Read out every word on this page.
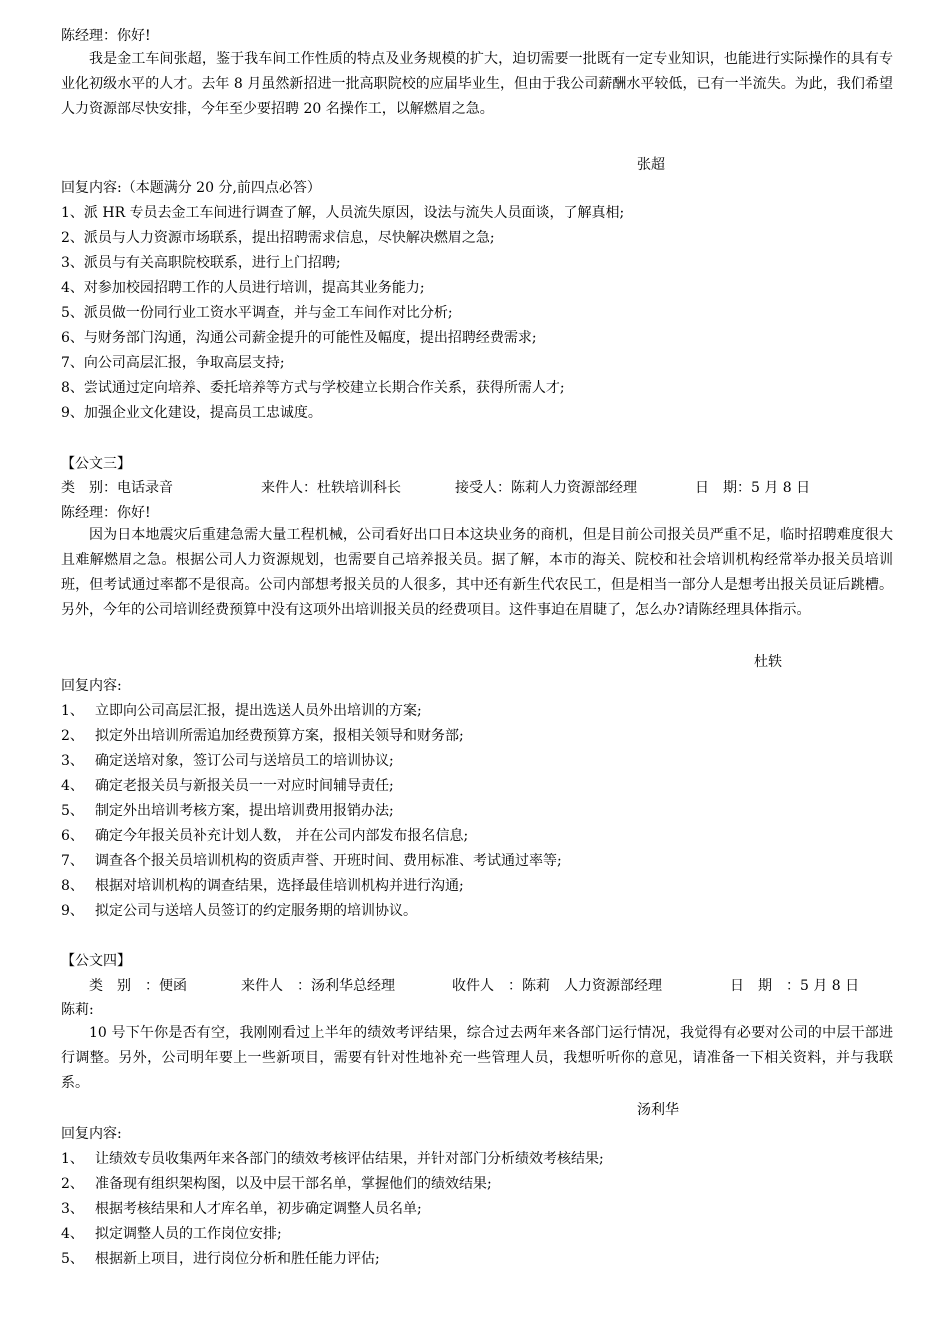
陈经理：你好!
我是金工车间张超，鉴于我车间工作性质的特点及业务规模的扩大，迫切需要一批既有一定专业知识，也能进行实际操作的具有专业化初级水平的人才。去年 8 月虽然新招进一批高职院校的应届毕业生，但由于我公司薪酬水平较低，已有一半流失。为此，我们希望人力资源部尽快安排，今年至少要招聘 20 名操作工，以解燃眉之急。
张超
回复内容:（本题满分 20 分,前四点必答）
1、派 HR 专员去金工车间进行调查了解，人员流失原因，设法与流失人员面谈，了解真相;
2、派员与人力资源市场联系，提出招聘需求信息，尽快解决燃眉之急;
3、派员与有关高职院校联系，进行上门招聘;
4、对参加校园招聘工作的人员进行培训，提高其业务能力;
5、派员做一份同行业工资水平调查，并与金工车间作对比分析;
6、与财务部门沟通，沟通公司薪金提升的可能性及幅度，提出招聘经费需求;
7、向公司高层汇报，争取高层支持;
8、尝试通过定向培养、委托培养等方式与学校建立长期合作关系，获得所需人才;
9、加强企业文化建设，提高员工忠诚度。
【公文三】
类　别：电话录音	来件人：杜轶培训科长	接受人：陈莉人力资源部经理	日　期：5 月 8 日
陈经理：你好!
因为日本地震灾后重建急需大量工程机械，公司看好出口日本这块业务的商机，但是目前公司报关员严重不足，临时招聘难度很大且难解燃眉之急。根据公司人力资源规划，也需要自己培养报关员。据了解，本市的海关、院校和社会培训机构经常举办报关员培训班，但考试通过率都不是很高。公司内部想考报关员的人很多，其中还有新生代农民工，但是相当一部分人是想考出报关员证后跳槽。另外，今年的公司培训经费预算中没有这项外出培训报关员的经费项目。这件事迫在眉睫了，怎么办?请陈经理具体指示。
杜轶
回复内容:
1、 立即向公司高层汇报，提出选送人员外出培训的方案;
2、 拟定外出培训所需追加经费预算方案，报相关领导和财务部;
3、 确定送培对象，签订公司与送培员工的培训协议;
4、 确定老报关员与新报关员一一对应时间辅导责任;
5、 制定外出培训考核方案，提出培训费用报销办法;
6、 确定今年报关员补充计划人数， 并在公司内部发布报名信息;
7、 调查各个报关员培训机构的资质声誉、开班时间、费用标准、考试通过率等;
8、 根据对培训机构的调查结果，选择最佳培训机构并进行沟通;
9、 拟定公司与送培人员签订的约定服务期的培训协议。
【公文四】
类　别　：便函	来件人　：汤利华总经理	收件人　：陈莉　人力资源部经理	日　期　：5 月 8 日
陈莉:
10 号下午你是否有空，我刚刚看过上半年的绩效考评结果，综合过去两年来各部门运行情况，我觉得有必要对公司的中层干部进行调整。另外，公司明年要上一些新项目，需要有针对性地补充一些管理人员，我想听听你的意见，请准备一下相关资料，并与我联系。
汤利华
回复内容:
1、 让绩效专员收集两年来各部门的绩效考核评估结果，并针对部门分析绩效考核结果;
2、 准备现有组织架构图，以及中层干部名单，掌握他们的绩效结果;
3、 根据考核结果和人才库名单，初步确定调整人员名单;
4、 拟定调整人员的工作岗位安排;
5、 根据新上项目，进行岗位分析和胜任能力评估;
